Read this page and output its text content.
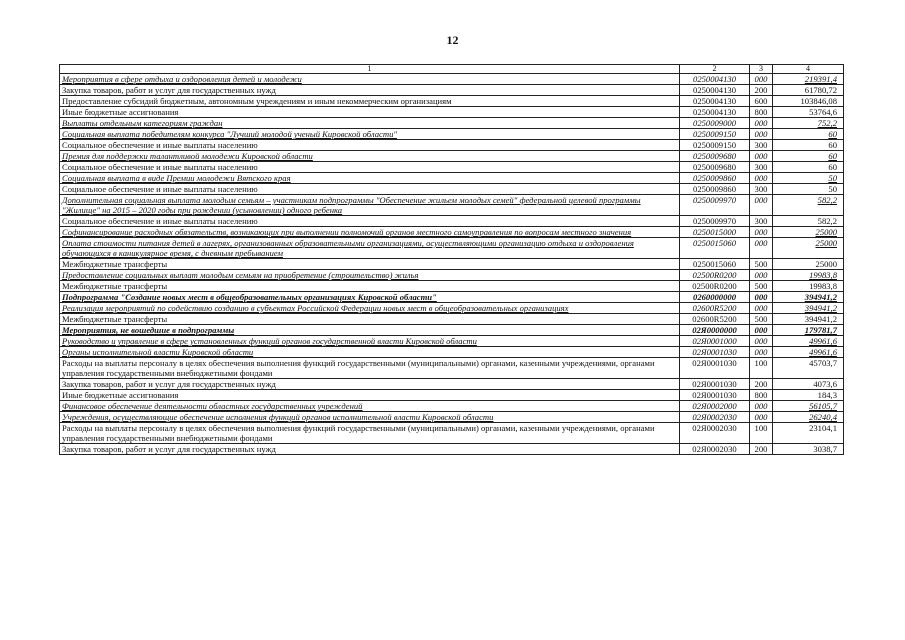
12
1	2	3	4
Мероприятия в сфере отдыха и оздоровления детей и молодежи	0250004130	000	219391,4
Закупка товаров, работ и услуг для государственных нужд	0250004130	200	61780,72
Предоставление субсидий бюджетным, автономным учреждениям и иным некоммерческим организациям	0250004130	600	103846,08
Иные бюджетные ассигнования	0250004130	800	53764,6
Выплаты отдельным категориям граждан	0250009000	000	752,2
Социальная выплата победителям конкурса "Лучший молодой ученый Кировской области"	0250009150	000	60
Социальное обеспечение и иные выплаты населению	0250009150	300	60
Премия для поддержки талантливой молодежи Кировской области	0250009680	000	60
Социальное обеспечение и иные выплаты населению	0250009680	300	60
Социальная выплата в виде Премии молодежи Вятского края	0250009860	000	50
Социальное обеспечение и иные выплаты населению	0250009860	300	50
Дополнительная социальная выплата молодым семьям – участникам подпрограммы "Обеспечение жильем молодых семей" федеральной целевой программы "Жилище" на 2015 – 2020 годы при рождении (усыновлении) одного ребенка	0250009970	000	582,2
Социальное обеспечение и иные выплаты населению	0250009970	300	582,2
Софинансирование расходных обязательств, возникающих при выполнении полномочий органов местного самоуправления по вопросам местного значения	0250015000	000	25000
Оплата стоимости питания детей в лагерях, организованных образовательными организациями, осуществляющими организацию отдыха и оздоровления обучающихся в каникулярное время, с дневным пребыванием	0250015060	000	25000
Межбюджетные трансферты	0250015060	500	25000
Предоставление социальных выплат молодым семьям на приобретение (строительство) жилья	02500R0200	000	19983,8
Межбюджетные трансферты	02500R0200	500	19983,8
Подпрограмма "Создание новых мест в общеобразовательных организациях Кировской области"	0260000000	000	394941,2
Реализация мероприятий по содействию созданию в субъектах Российской Федерации новых мест в общеобразовательных организациях	02600R5200	000	394941,2
Межбюджетные трансферты	02600R5200	500	394941,2
Мероприятия, не вошедшие в подпрограммы	02Я0000000	000	179781,7
Руководство и управление в сфере установленных функций органов государственной власти Кировской области	02Я0001000	000	49961,6
Органы исполнительной власти Кировской области	02Я0001030	000	49961,6
Расходы на выплаты персоналу в целях обеспечения выполнения функций государственными (муниципальными) органами, казенными учреждениями, органами управления государственными внебюджетными фондами	02Я0001030	100	45703,7
Закупка товаров, работ и услуг для государственных нужд	02Я0001030	200	4073,6
Иные бюджетные ассигнования	02Я0001030	800	184,3
Финансовое обеспечение деятельности областных государственных учреждений	02Я0002000	000	56105,7
Учреждения, осуществляющие обеспечение исполнения функций органов исполнительной власти Кировской области	02Я0002030	000	26240,4
Расходы на выплаты персоналу в целях обеспечения выполнения функций государственными (муниципальными) органами, казенными учреждениями, органами управления государственными внебюджетными фондами	02Я0002030	100	23104,1
Закупка товаров, работ и услуг для государственных нужд	02Я0002030	200	3038,7
